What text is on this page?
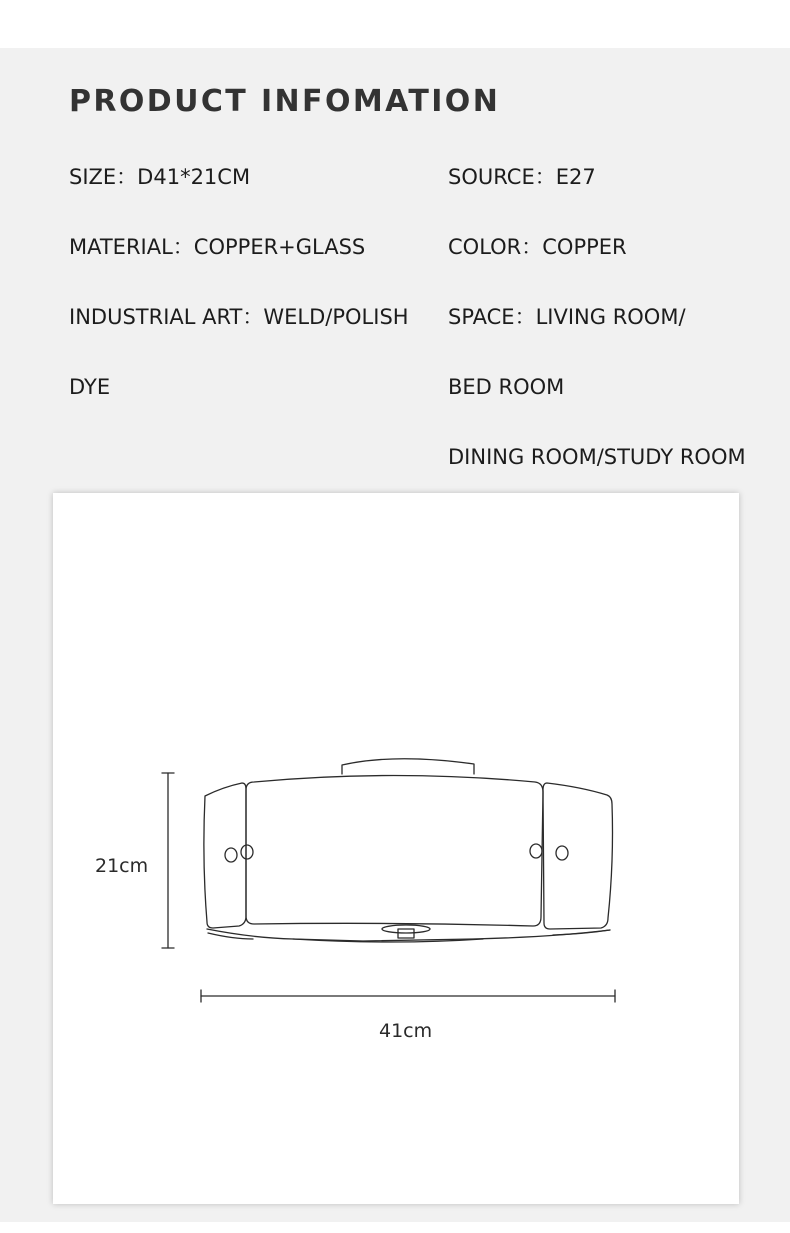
PRODUCT INFOMATION
SIZE：D41*21CM	SOURCE：E27
MATERIAL：COPPER+GLASS	COLOR：COPPER
INDUSTRIAL ART：WELD/POLISH SPACE：LIVING ROOM/
DYE	BED ROOM
DINING ROOM/STUDY ROOM
21cm
41cm
